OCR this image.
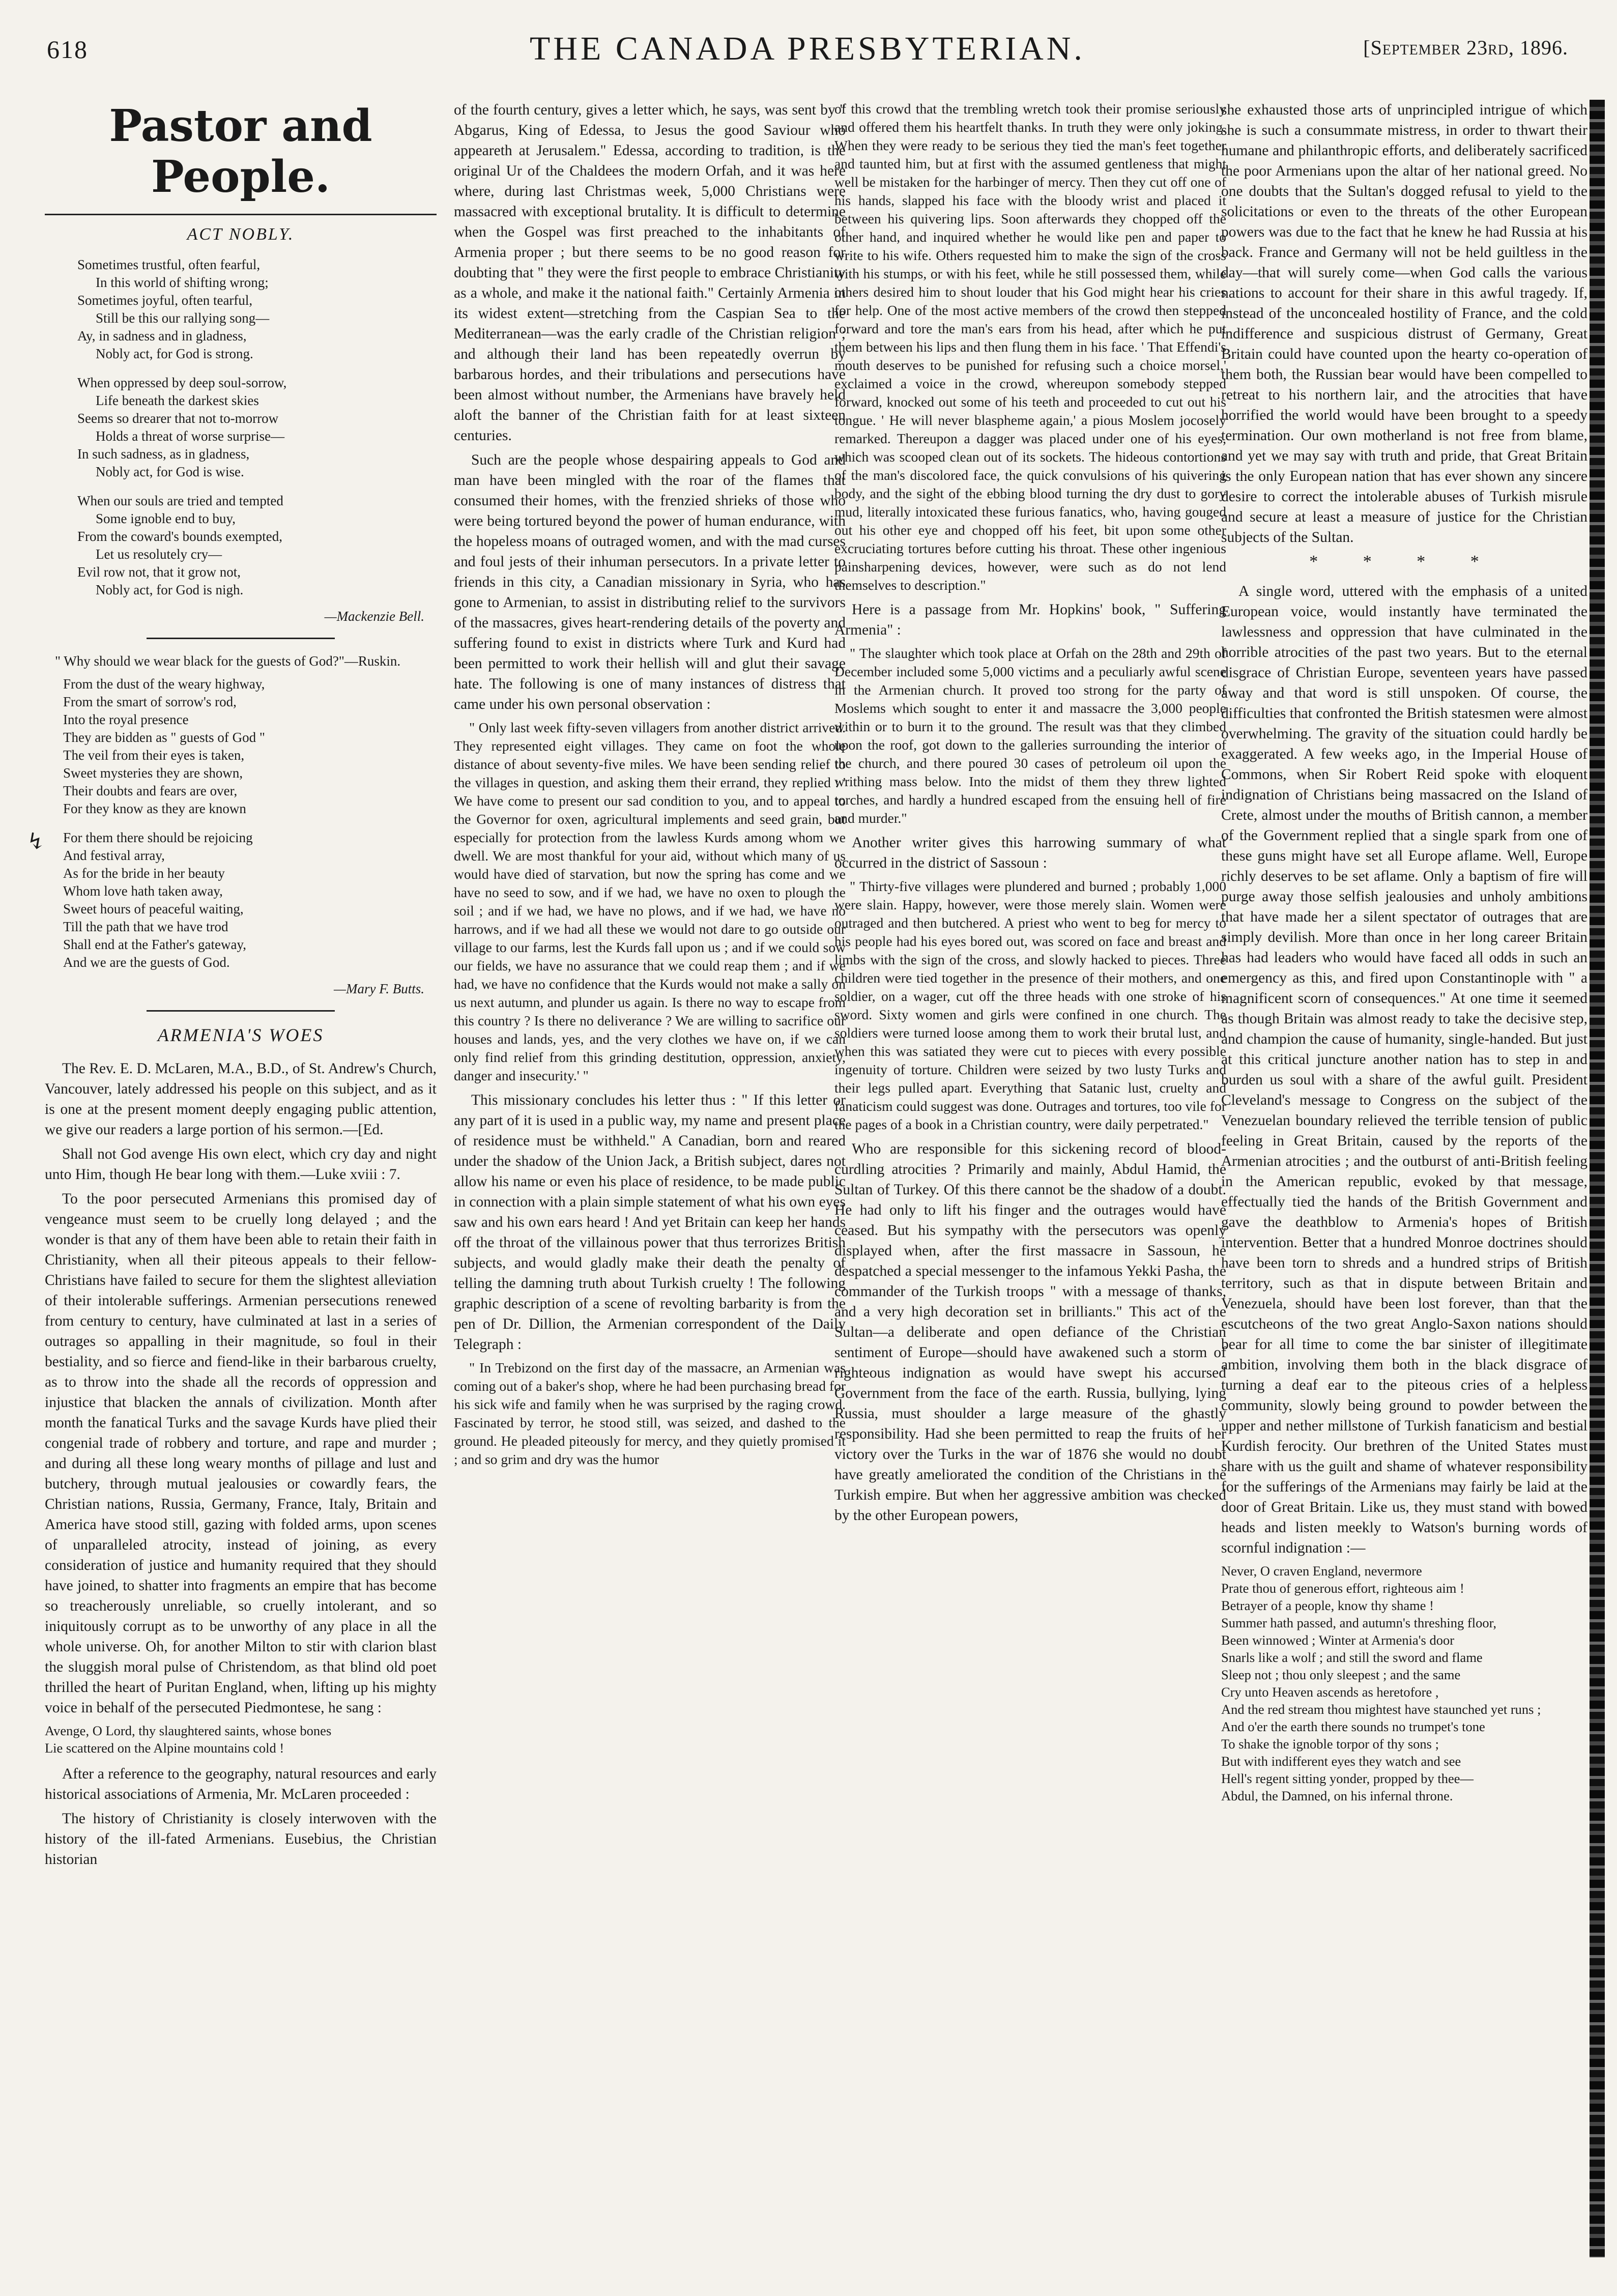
618	THE CANADA PRESBYTERIAN.	[September 23rd, 1896.
↯
Pastor and People.
ACT NOBLY.
Sometimes trustful, often fearful,
In this world of shifting wrong;
Sometimes joyful, often tearful,
Still be this our rallying song—
Ay, in sadness and in gladness,
Nobly act, for God is strong.
When oppressed by deep soul-sorrow,
Life beneath the darkest skies
Seems so drearer that not to-morrow
Holds a threat of worse surprise—
In such sadness, as in gladness,
Nobly act, for God is wise.
When our souls are tried and tempted
Some ignoble end to buy,
From the coward's bounds exempted,
Let us resolutely cry—
Evil row not, that it grow not,
Nobly act, for God is nigh.
—Mackenzie Bell.
" Why should we wear black for the guests of God?"—Ruskin.
From the dust of the weary highway,
From the smart of sorrow's rod,
Into the royal presence
They are bidden as " guests of God "
The veil from their eyes is taken,
Sweet mysteries they are shown,
Their doubts and fears are over,
For they know as they are known
For them there should be rejoicing
And festival array,
As for the bride in her beauty
Whom love hath taken away,
Sweet hours of peaceful waiting,
Till the path that we have trod
Shall end at the Father's gateway,
And we are the guests of God.
—Mary F. Butts.
ARMENIA'S WOES

The Rev. E. D. McLaren, M.A., B.D., of St. Andrew's Church, Vancouver, lately addressed his people on this subject, and as it is one at the present moment deeply engaging public attention, we give our readers a large portion of his sermon.—[Ed.

Shall not God avenge His own elect, which cry day and night unto Him, though He bear long with them.—Luke xviii : 7.

To the poor persecuted Armenians this promised day of vengeance must seem to be cruelly long delayed ; and the wonder is that any of them have been able to retain their faith in Christianity, when all their piteous appeals to their fellow-Christians have failed to secure for them the slightest alleviation of their intolerable sufferings. Armenian persecutions renewed from century to century, have culminated at last in a series of outrages so appalling in their magnitude, so foul in their bestiality, and so fierce and fiend-like in their barbarous cruelty, as to throw into the shade all the records of oppression and injustice that blacken the annals of civilization. Month after month the fanatical Turks and the savage Kurds have plied their congenial trade of robbery and torture, and rape and murder ; and during all these long weary months of pillage and lust and butchery, through mutual jealousies or cowardly fears, the Christian nations, Russia, Germany, France, Italy, Britain and America have stood still, gazing with folded arms, upon scenes of unparalleled atrocity, instead of joining, as every consideration of justice and humanity required that they should have joined, to shatter into fragments an empire that has become so treacherously unreliable, so cruelly intolerant, and so iniquitously corrupt as to be unworthy of any place in all the whole universe. Oh, for another Milton to stir with clarion blast the sluggish moral pulse of Christendom, as that blind old poet thrilled the heart of Puritan England, when, lifting up his mighty voice in behalf of the persecuted Piedmontese, he sang :

Avenge, O Lord, thy slaughtered saints, whose bones
Lie scattered on the Alpine mountains cold !

After a reference to the geography, natural resources and early historical associations of Armenia, Mr. McLaren proceeded :

The history of Christianity is closely interwoven with the history of the ill-fated Armenians. Eusebius, the Christian historian

of the fourth century, gives a letter which, he says, was sent by " Abgarus, King of Edessa, to Jesus the good Saviour who appeareth at Jerusalem." Edessa, according to tradition, is the original Ur of the Chaldees the modern Orfah, and it was here where, during last Christmas week, 5,000 Christians were massacred with exceptional brutality. It is difficult to determine when the Gospel was first preached to the inhabitants of Armenia proper ; but there seems to be no good reason for doubting that " they were the first people to embrace Christianity as a whole, and make it the national faith." Certainly Armenia in its widest extent—stretching from the Caspian Sea to the Mediterranean—was the early cradle of the Christian religion ; and although their land has been repeatedly overrun by barbarous hordes, and their tribulations and persecutions have been almost without number, the Armenians have bravely held aloft the banner of the Christian faith for at least sixteen centuries.

Such are the people whose despairing appeals to God and man have been mingled with the roar of the flames that consumed their homes, with the frenzied shrieks of those who were being tortured beyond the power of human endurance, with the hopeless moans of outraged women, and with the mad curses and foul jests of their inhuman persecutors. In a private letter to friends in this city, a Canadian missionary in Syria, who has gone to Armenian, to assist in distributing relief to the survivors of the massacres, gives heart-rendering details of the poverty and suffering found to exist in districts where Turk and Kurd had been permitted to work their hellish will and glut their savage hate. The following is one of many instances of distress that came under his own personal observation :

" Only last week fifty-seven villagers from another district arrived. They represented eight villages. They came on foot the whole distance of about seventy-five miles. We have been sending relief to the villages in question, and asking them their errand, they replied : ' We have come to present our sad condition to you, and to appeal to the Governor for oxen, agricultural implements and seed grain, but especially for protection from the lawless Kurds among whom we dwell. We are most thankful for your aid, without which many of us would have died of starvation, but now the spring has come and we have no seed to sow, and if we had, we have no oxen to plough the soil ; and if we had, we have no plows, and if we had, we have no harrows, and if we had all these we would not dare to go outside our village to our farms, lest the Kurds fall upon us ; and if we could sow our fields, we have no assurance that we could reap them ; and if we had, we have no confidence that the Kurds would not make a sally on us next autumn, and plunder us again. Is there no way to escape from this country ? Is there no deliverance ? We are willing to sacrifice our houses and lands, yes, and the very clothes we have on, if we can only find relief from this grinding destitution, oppression, anxiety, danger and insecurity.' "

This missionary concludes his letter thus : " If this letter or any part of it is used in a public way, my name and present place of residence must be withheld." A Canadian, born and reared under the shadow of the Union Jack, a British subject, dares not allow his name or even his place of residence, to be made public in connection with a plain simple statement of what his own eyes saw and his own ears heard ! And yet Britain can keep her hands off the throat of the villainous power that thus terrorizes British subjects, and would gladly make their death the penalty of telling the damning truth about Turkish cruelty ! The following graphic description of a scene of revolting barbarity is from the pen of Dr. Dillion, the Armenian correspondent of the Daily Telegraph :

" In Trebizond on the first day of the massacre, an Armenian was coming out of a baker's shop, where he had been purchasing bread for his sick wife and family when he was surprised by the raging crowd. Fascinated by terror, he stood still, was seized, and dashed to the ground. He pleaded piteously for mercy, and they quietly promised it ; and so grim and dry was the humor
of this crowd that the trembling wretch took their promise seriously and offered them his heartfelt thanks. In truth they were only joking. When they were ready to be serious they tied the man's feet together and taunted him, but at first with the assumed gentleness that might well be mistaken for the harbinger of mercy. Then they cut off one of his hands, slapped his face with the bloody wrist and placed it between his quivering lips. Soon afterwards they chopped off the other hand, and inquired whether he would like pen and paper to write to his wife. Others requested him to make the sign of the cross with his stumps, or with his feet, while he still possessed them, while others desired him to shout louder that his God might hear his cries for help. One of the most active members of the crowd then stepped forward and tore the man's ears from his head, after which he put them between his lips and then flung them in his face. ' That Effendi's mouth deserves to be punished for refusing such a choice morsel,' exclaimed a voice in the crowd, whereupon somebody stepped forward, knocked out some of his teeth and proceeded to cut out his tongue. ' He will never blaspheme again,' a pious Moslem jocosely remarked. Thereupon a dagger was placed under one of his eyes, which was scooped clean out of its sockets. The hideous contortions of the man's discolored face, the quick convulsions of his quivering body, and the sight of the ebbing blood turning the dry dust to gory mud, literally intoxicated these furious fanatics, who, having gouged out his other eye and chopped off his feet, bit upon some other excruciating tortures before cutting his throat. These other ingenious painsharpening devices, however, were such as do not lend themselves to description."

Here is a passage from Mr. Hopkins' book, " Suffering Armenia" :

" The slaughter which took place at Orfah on the 28th and 29th of December included some 5,000 victims and a peculiarly awful scene in the Armenian church. It proved too strong for the party of Moslems which sought to enter it and massacre the 3,000 people within or to burn it to the ground. The result was that they climbed upon the roof, got down to the galleries surrounding the interior of the church, and there poured 30 cases of petroleum oil upon the writhing mass below. Into the midst of them they threw lighted torches, and hardly a hundred escaped from the ensuing hell of fire and murder."

Another writer gives this harrowing summary of what occurred in the district of Sassoun :

" Thirty-five villages were plundered and burned ; probably 1,000 were slain. Happy, however, were those merely slain. Women were outraged and then butchered. A priest who went to beg for mercy to his people had his eyes bored out, was scored on face and breast and limbs with the sign of the cross, and slowly hacked to pieces. Three children were tied together in the presence of their mothers, and one soldier, on a wager, cut off the three heads with one stroke of his sword. Sixty women and girls were confined in one church. The soldiers were turned loose among them to work their brutal lust, and when this was satiated they were cut to pieces with every possible ingenuity of torture. Children were seized by two lusty Turks and their legs pulled apart. Everything that Satanic lust, cruelty and fanaticism could suggest was done. Outrages and tortures, too vile for the pages of a book in a Christian country, were daily perpetrated."

Who are responsible for this sickening record of blood-curdling atrocities ? Primarily and mainly, Abdul Hamid, the Sultan of Turkey. Of this there cannot be the shadow of a doubt. He had only to lift his finger and the outrages would have ceased. But his sympathy with the persecutors was openly displayed when, after the first massacre in Sassoun, he despatched a special messenger to the infamous Yekki Pasha, the commander of the Turkish troops " with a message of thanks, and a very high decoration set in brilliants." This act of the Sultan—a deliberate and open defiance of the Christian sentiment of Europe—should have awakened such a storm of righteous indignation as would have swept his accursed Government from the face of the earth. Russia, bullying, lying Russia, must shoulder a large measure of the ghastly responsibility. Had she been permitted to reap the fruits of her victory over the Turks in the war of 1876 she would no doubt have greatly ameliorated the condition of the Christians in the Turkish empire. But when her aggressive ambition was checked by the other European powers,

she exhausted those arts of unprincipled intrigue of which she is such a consummate mistress, in order to thwart their humane and philanthropic efforts, and deliberately sacrificed the poor Armenians upon the altar of her national greed. No one doubts that the Sultan's dogged refusal to yield to the solicitations or even to the threats of the other European powers was due to the fact that he knew he had Russia at his back. France and Germany will not be held guiltless in the day—that will surely come—when God calls the various nations to account for their share in this awful tragedy. If, instead of the unconcealed hostility of France, and the cold indifference and suspicious distrust of Germany, Great Britain could have counted upon the hearty co-operation of them both, the Russian bear would have been compelled to retreat to his northern lair, and the atrocities that have horrified the world would have been brought to a speedy termination. Our own motherland is not free from blame, and yet we may say with truth and pride, that Great Britain is the only European nation that has ever shown any sincere desire to correct the intolerable abuses of Turkish misrule and secure at least a measure of justice for the Christian subjects of the Sultan.

* * * *

A single word, uttered with the emphasis of a united European voice, would instantly have terminated the lawlessness and oppression that have culminated in the horrible atrocities of the past two years. But to the eternal disgrace of Christian Europe, seventeen years have passed away and that word is still unspoken. Of course, the difficulties that confronted the British statesmen were almost overwhelming. The gravity of the situation could hardly be exaggerated. A few weeks ago, in the Imperial House of Commons, when Sir Robert Reid spoke with eloquent indignation of Christians being massacred on the Island of Crete, almost under the mouths of British cannon, a member of the Government replied that a single spark from one of these guns might have set all Europe aflame. Well, Europe richly deserves to be set aflame. Only a baptism of fire will purge away those selfish jealousies and unholy ambitions that have made her a silent spectator of outrages that are simply devilish. More than once in her long career Britain has had leaders who would have faced all odds in such an emergency as this, and fired upon Constantinople with " a magnificent scorn of consequences." At one time it seemed as though Britain was almost ready to take the decisive step, and champion the cause of humanity, single-handed. But just at this critical juncture another nation has to step in and burden us soul with a share of the awful guilt. President Cleveland's message to Congress on the subject of the Venezuelan boundary relieved the terrible tension of public feeling in Great Britain, caused by the reports of the Armenian atrocities ; and the outburst of anti-British feeling in the American republic, evoked by that message, effectually tied the hands of the British Government and gave the deathblow to Armenia's hopes of British intervention. Better that a hundred Monroe doctrines should have been torn to shreds and a hundred strips of British territory, such as that in dispute between Britain and Venezuela, should have been lost forever, than that the escutcheons of the two great Anglo-Saxon nations should bear for all time to come the bar sinister of illegitimate ambition, involving them both in the black disgrace of turning a deaf ear to the piteous cries of a helpless community, slowly being ground to powder between the upper and nether millstone of Turkish fanaticism and bestial Kurdish ferocity. Our brethren of the United States must share with us the guilt and shame of whatever responsibility for the sufferings of the Armenians may fairly be laid at the door of Great Britain. Like us, they must stand with bowed heads and listen meekly to Watson's burning words of scornful indignation :—

Never, O craven England, nevermore
Prate thou of generous effort, righteous aim !
Betrayer of a people, know thy shame !
Summer hath passed, and autumn's threshing floor,
Been winnowed ; Winter at Armenia's door
Snarls like a wolf ; and still the sword and flame
Sleep not ; thou only sleepest ; and the same
Cry unto Heaven ascends as heretofore ,
And the red stream thou mightest have staunched yet runs ;
And o'er the earth there sounds no trumpet's tone
To shake the ignoble torpor of thy sons ;
But with indifferent eyes they watch and see
Hell's regent sitting yonder, propped by thee—
Abdul, the Damned, on his infernal throne.
